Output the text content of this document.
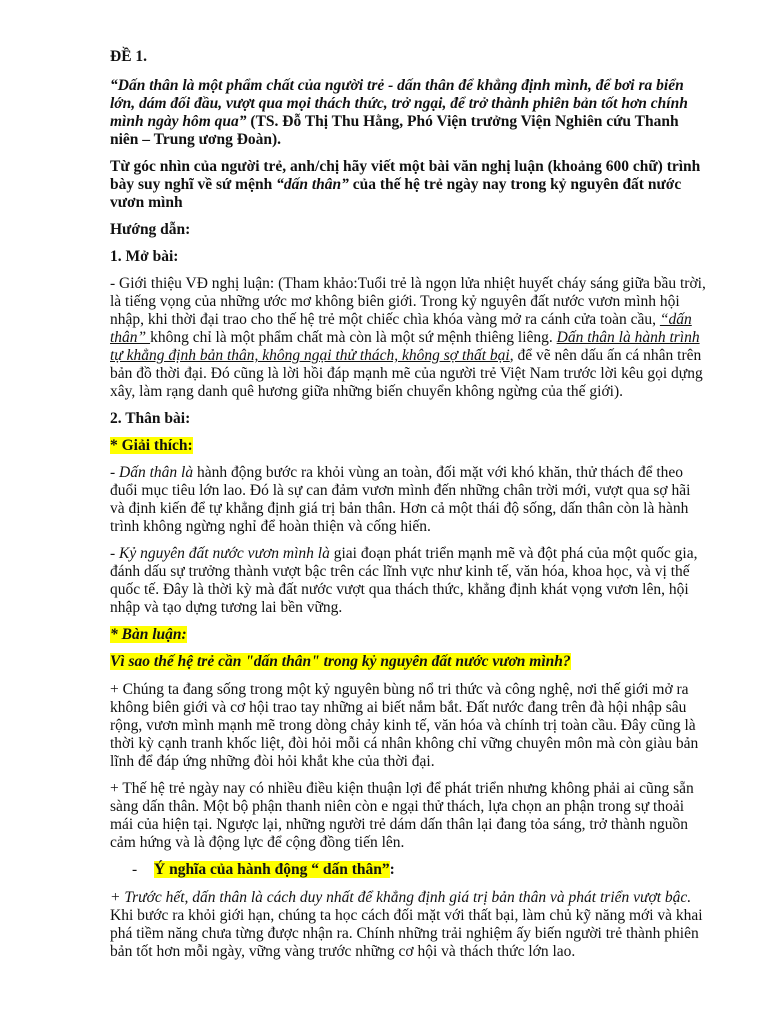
ĐỀ 1.

“Dấn thân là một phẩm chất của người trẻ - dấn thân để khẳng định mình, để bơi ra biển lớn, dám đối đầu, vượt qua mọi thách thức, trở ngại, để trở thành phiên bản tốt hơn chính mình ngày hôm qua” (TS. Đỗ Thị Thu Hằng, Phó Viện trưởng Viện Nghiên cứu Thanh niên – Trung ương Đoàn).

Từ góc nhìn của người trẻ, anh/chị hãy viết một bài văn nghị luận (khoảng 600 chữ) trình bày suy nghĩ về sứ mệnh “dấn thân” của thế hệ trẻ ngày nay trong kỷ nguyên đất nước vươn mình

Hướng dẫn:

1. Mở bài:

- Giới thiệu VĐ nghị luận: (Tham khảo:Tuổi trẻ là ngọn lửa nhiệt huyết cháy sáng giữa bầu trời, là tiếng vọng của những ước mơ không biên giới. Trong kỷ nguyên đất nước vươn mình hội nhập, khi thời đại trao cho thế hệ trẻ một chiếc chìa khóa vàng mở ra cánh cửa toàn cầu, “dấn thân” không chỉ là một phẩm chất mà còn là một sứ mệnh thiêng liêng. Dấn thân là hành trình tự khẳng định bản thân, không ngại thử thách, không sợ thất bại, để vẽ nên dấu ấn cá nhân trên bản đồ thời đại. Đó cũng là lời hồi đáp mạnh mẽ của người trẻ Việt Nam trước lời kêu gọi dựng xây, làm rạng danh quê hương giữa những biến chuyển không ngừng của thế giới).

2. Thân bài:

* Giải thích:

- Dấn thân là hành động bước ra khỏi vùng an toàn, đối mặt với khó khăn, thử thách để theo đuổi mục tiêu lớn lao. Đó là sự can đảm vươn mình đến những chân trời mới, vượt qua sợ hãi và định kiến để tự khẳng định giá trị bản thân. Hơn cả một thái độ sống, dấn thân còn là hành trình không ngừng nghỉ để hoàn thiện và cống hiến.

- Kỷ nguyên đất nước vươn mình là giai đoạn phát triển mạnh mẽ và đột phá của một quốc gia, đánh dấu sự trưởng thành vượt bậc trên các lĩnh vực như kinh tế, văn hóa, khoa học, và vị thế quốc tế. Đây là thời kỳ mà đất nước vượt qua thách thức, khẳng định khát vọng vươn lên, hội nhập và tạo dựng tương lai bền vững.

* Bàn luận:

Vì sao thế hệ trẻ cần "dấn thân" trong kỷ nguyên đất nước vươn mình?

+ Chúng ta đang sống trong một kỷ nguyên bùng nổ tri thức và công nghệ, nơi thế giới mở ra không biên giới và cơ hội trao tay những ai biết nắm bắt. Đất nước đang trên đà hội nhập sâu rộng, vươn mình mạnh mẽ trong dòng chảy kinh tế, văn hóa và chính trị toàn cầu. Đây cũng là thời kỳ cạnh tranh khốc liệt, đòi hỏi mỗi cá nhân không chỉ vững chuyên môn mà còn giàu bản lĩnh để đáp ứng những đòi hỏi khắt khe của thời đại.

+ Thế hệ trẻ ngày nay có nhiều điều kiện thuận lợi để phát triển nhưng không phải ai cũng sẵn sàng dấn thân. Một bộ phận thanh niên còn e ngại thử thách, lựa chọn an phận trong sự thoải mái của hiện tại. Ngược lại, những người trẻ dám dấn thân lại đang tỏa sáng, trở thành nguồn cảm hứng và là động lực để cộng đồng tiến lên.

- Ý nghĩa của hành động “ dấn thân”:

+ Trước hết, dấn thân là cách duy nhất để khẳng định giá trị bản thân và phát triển vượt bậc. Khi bước ra khỏi giới hạn, chúng ta học cách đối mặt với thất bại, làm chủ kỹ năng mới và khai phá tiềm năng chưa từng được nhận ra. Chính những trải nghiệm ấy biến người trẻ thành phiên bản tốt hơn mỗi ngày, vững vàng trước những cơ hội và thách thức lớn lao.
